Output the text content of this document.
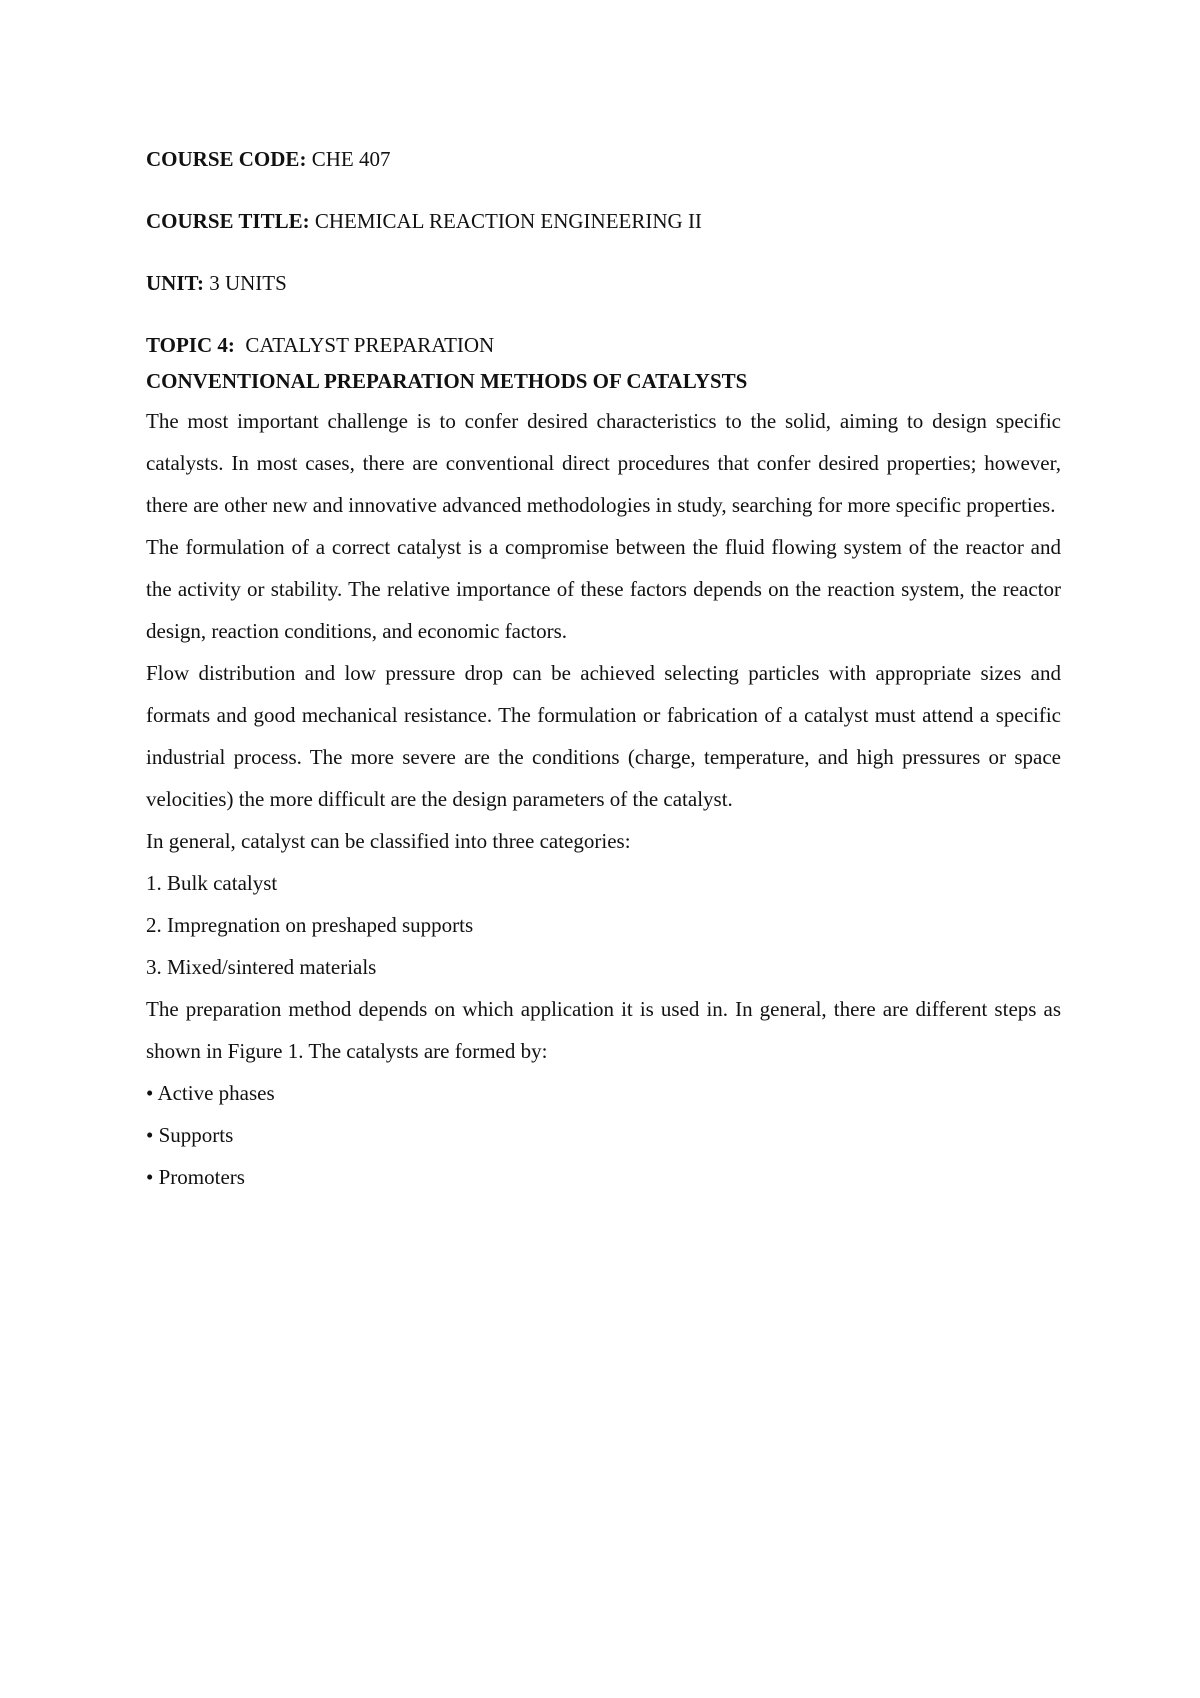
COURSE CODE: CHE 407

COURSE TITLE: CHEMICAL REACTION ENGINEERING II

UNIT: 3 UNITS

TOPIC 4: CATALYST PREPARATION

CONVENTIONAL PREPARATION METHODS OF CATALYSTS

The most important challenge is to confer desired characteristics to the solid, aiming to design specific catalysts. In most cases, there are conventional direct procedures that confer desired properties; however, there are other new and innovative advanced methodologies in study, searching for more specific properties.

The formulation of a correct catalyst is a compromise between the fluid flowing system of the reactor and the activity or stability. The relative importance of these factors depends on the reaction system, the reactor design, reaction conditions, and economic factors.

Flow distribution and low pressure drop can be achieved selecting particles with appropriate sizes and formats and good mechanical resistance. The formulation or fabrication of a catalyst must attend a specific industrial process. The more severe are the conditions (charge, temperature, and high pressures or space velocities) the more difficult are the design parameters of the catalyst.

In general, catalyst can be classified into three categories:

1. Bulk catalyst

2. Impregnation on preshaped supports

3. Mixed/sintered materials

The preparation method depends on which application it is used in. In general, there are different steps as shown in Figure 1. The catalysts are formed by:

• Active phases

• Supports

• Promoters
